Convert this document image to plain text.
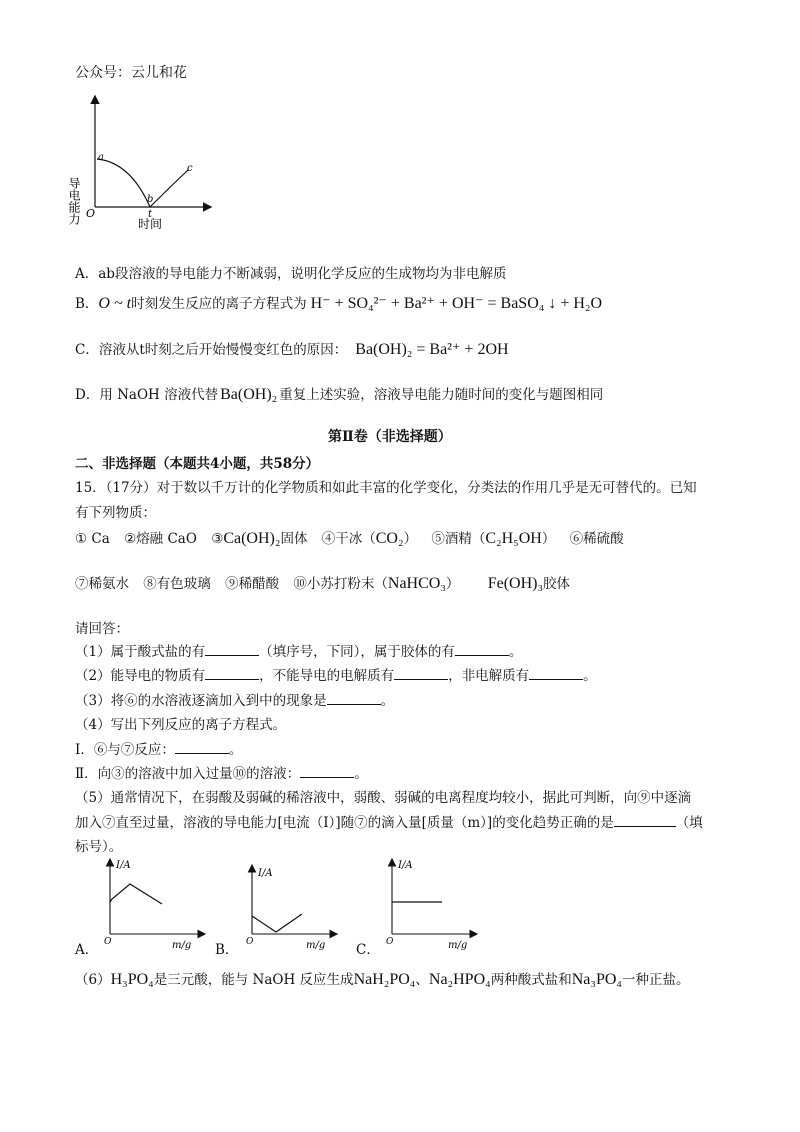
公众号：云儿和花
导电能力
a
c
b
t
O
时间
A．ab段溶液的导电能力不断减弱，说明化学反应的生成物均为非电解质
B．O ~ t时刻发生反应的离子方程式为 H⁻ + SO₄²⁻ + Ba²⁺ + OH⁻ = BaSO₄ ↓ + H₂O
C．溶液从t时刻之后开始慢慢变红色的原因： Ba(OH)₂ = Ba²⁺ + 2OH
D．用 NaOH 溶液代替 Ba(OH)₂ 重复上述实验，溶液导电能力随时间的变化与题图相同
第Ⅱ卷（非选择题）
二、非选择题（本题共4小题，共58分）
15．（17分）对于数以千万计的化学物质和如此丰富的化学变化，分类法的作用几乎是无可替代的。已知
有下列物质：
① Ca ②熔融 CaO ③Ca(OH)₂固体 ④干冰（CO₂） ⑤酒精（C₂H₅OH） ⑥稀硫酸
⑦稀氨水 ⑧有色玻璃 ⑨稀醋酸 ⑩小苏打粉末（NaHCO₃） Fe(OH)₃胶体
请回答：
（1）属于酸式盐的有	（填序号，下同），属于胶体的有	。
（2）能导电的物质有	，不能导电的电解质有	，非电解质有	。
（3）将⑥的水溶液逐滴加入到中的现象是	。
（4）写出下列反应的离子方程式。
Ⅰ．⑥与⑦反应：	。
Ⅱ．向③的溶液中加入过量⑩的溶液：	。
（5）通常情况下，在弱酸及弱碱的稀溶液中，弱酸、弱碱的电离程度均较小，据此可判断，向⑨中逐滴
加入⑦直至过量，溶液的导电能力[电流（I）]随⑦的滴入量[质量（m）]的变化趋势正确的是	（填
标号）。
A．
I/A
O	m/g B．
I/A
O	m/g C．
I/A
O	m/g
（6）H₃PO₄是三元酸，能与 NaOH 反应生成NaH₂PO₄、Na₂HPO₄两种酸式盐和Na₃PO₄一种正盐。
